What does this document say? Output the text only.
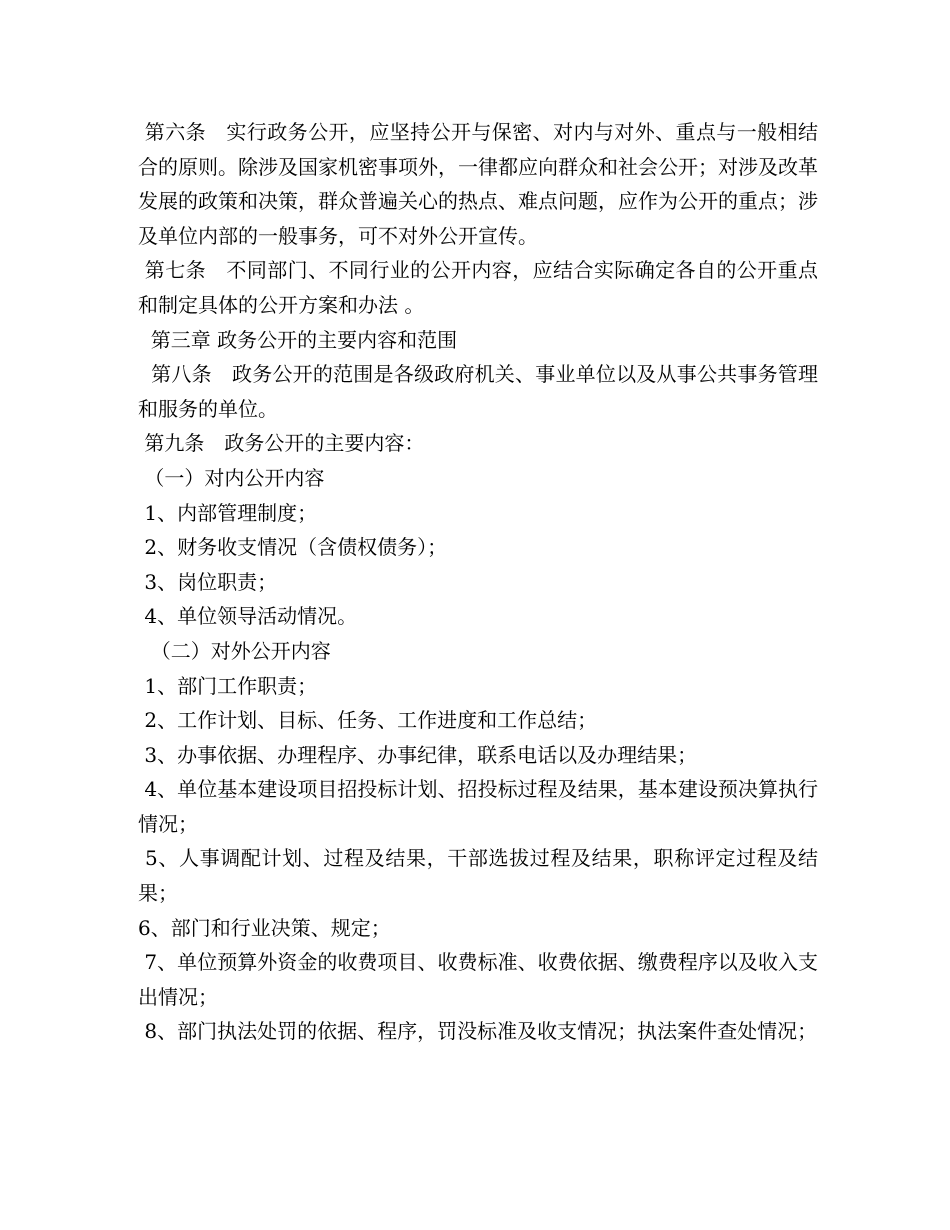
第六条　实行政务公开，应坚持公开与保密、对内与对外、重点与一般相结合的原则。除涉及国家机密事项外，一律都应向群众和社会公开；对涉及改革发展的政策和决策，群众普遍关心的热点、难点问题，应作为公开的重点；涉及单位内部的一般事务，可不对外公开宣传。

第七条　不同部门、不同行业的公开内容，应结合实际确定各自的公开重点和制定具体的公开方案和办法 。

第三章 政务公开的主要内容和范围

第八条　政务公开的范围是各级政府机关、事业单位以及从事公共事务管理和服务的单位。

第九条　政务公开的主要内容：

（一）对内公开内容

1、内部管理制度；

2、财务收支情况（含债权债务）；

3、岗位职责；

4、单位领导活动情况。

（二）对外公开内容

1、部门工作职责；

2、工作计划、目标、任务、工作进度和工作总结；

3、办事依据、办理程序、办事纪律，联系电话以及办理结果；

4、单位基本建设项目招投标计划、招投标过程及结果，基本建设预决算执行情况；

5、人事调配计划、过程及结果，干部选拔过程及结果，职称评定过程及结果；

6、部门和行业决策、规定；

7、单位预算外资金的收费项目、收费标准、收费依据、缴费程序以及收入支出情况；

8、部门执法处罚的依据、程序，罚没标准及收支情况；执法案件查处情况；
